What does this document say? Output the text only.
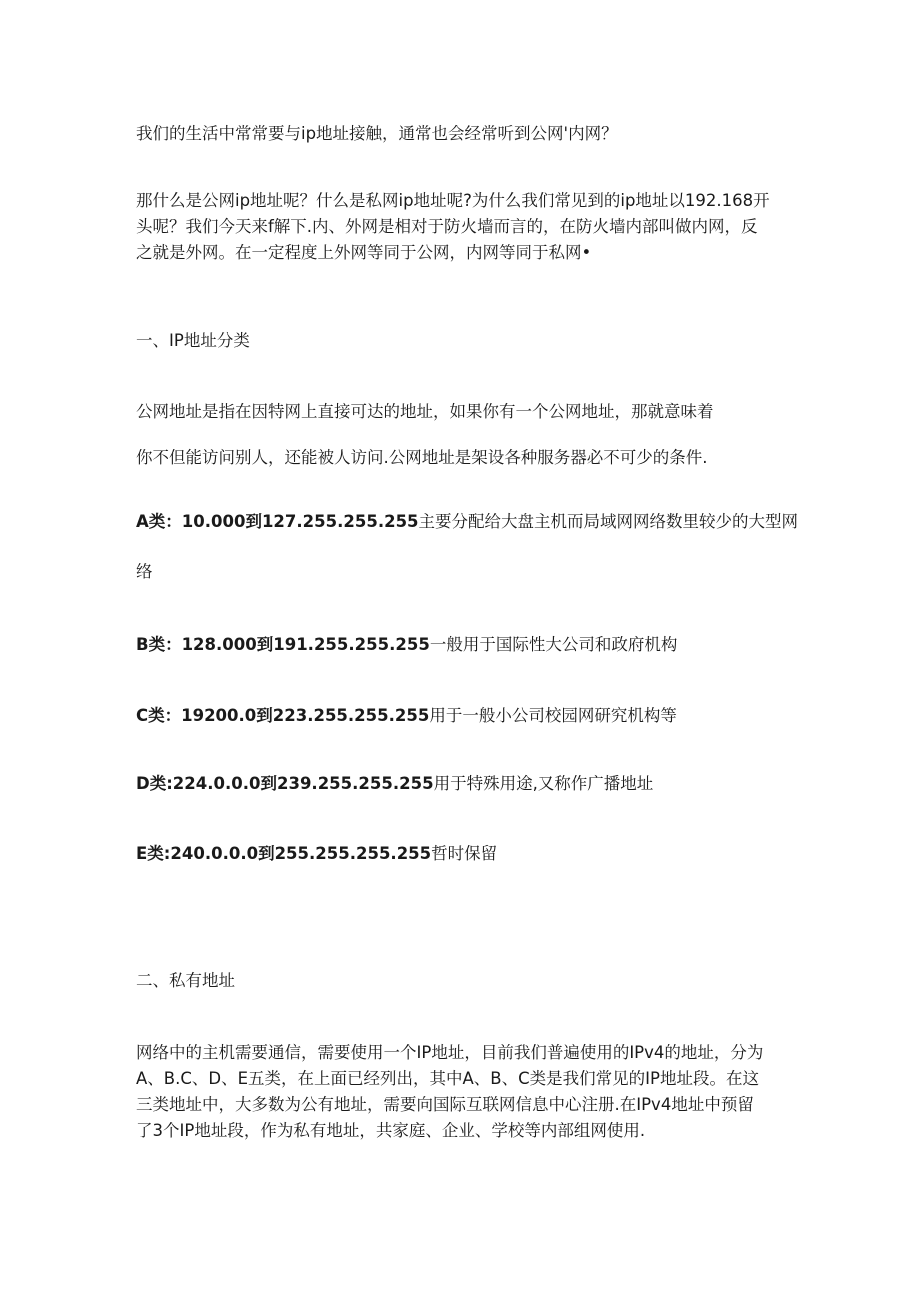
我们的生活中常常要与ip地址接触，通常也会经常听到公网'内网？

那什么是公网ip地址呢？什么是私网ip地址呢?为什么我们常见到的ip地址以192.168开

头呢？我们今天来f解下.内、外网是相对于防火墙而言的，在防火墙内部叫做内网，反

之就是外网。在一定程度上外网等同于公网，内网等同于私网•

一、IP地址分类

公网地址是指在因特网上直接可达的地址，如果你有一个公网地址，那就意味着

你不但能访问别人，还能被人访问.公网地址是架设各种服务器必不可少的条件.

A类：10.000到127.255.255.255主要分配给大盘主机而局域网网络数里较少的大型网

络

B类：128.000到191.255.255.255一般用于国际性大公司和政府机构

C类：19200.0到223.255.255.255用于一般小公司校园网研究机构等

D类:224.0.0.0到239.255.255.255用于特殊用途,又称作广播地址

E类:240.0.0.0到255.255.255.255哲时保留

二、私有地址

网络中的主机需要通信，需要使用一个IP地址，目前我们普遍使用的IPv4的地址，分为

A、B.C、D、E五类，在上面已经列出，其中A、B、C类是我们常见的IP地址段。在这

三类地址中，大多数为公有地址，需要向国际互联网信息中心注册.在IPv4地址中预留

了3个IP地址段，作为私有地址，共家庭、企业、学校等内部组网使用.
